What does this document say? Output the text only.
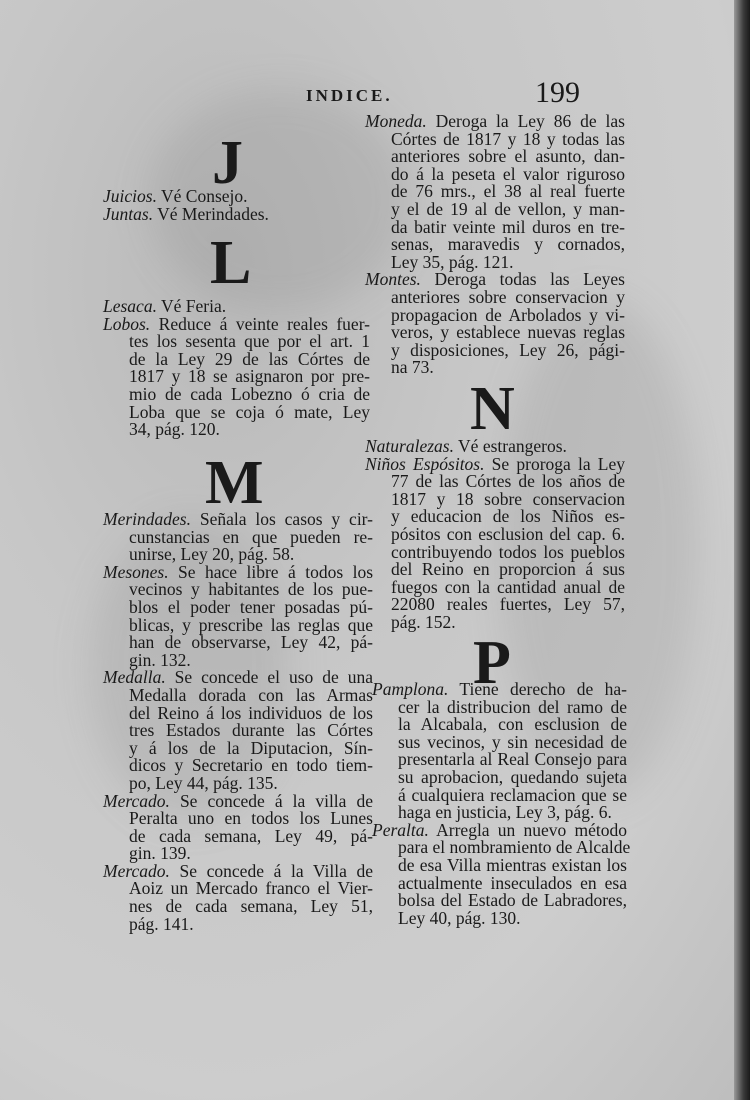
INDICE.	199
J
Juicios. Vé Consejo.
Juntas. Vé Merindades.
L
Lesaca. Vé Feria.
Lobos. Reduce á veinte reales fuer-
tes los sesenta que por el art. 1
de la Ley 29 de las Córtes de
1817 y 18 se asignaron por pre-
mio de cada Lobezno ó cria de
Loba que se coja ó mate, Ley
34, pág. 120.
M
Merindades. Señala los casos y cir-
cunstancias en que pueden re-
unirse, Ley 20, pág. 58.
Mesones. Se hace libre á todos los
vecinos y habitantes de los pue-
blos el poder tener posadas pú-
blicas, y prescribe las reglas que
han de observarse, Ley 42, pá-
gin. 132.
Medalla. Se concede el uso de una
Medalla dorada con las Armas
del Reino á los individuos de los
tres Estados durante las Córtes
y á los de la Diputacion, Sín-
dicos y Secretario en todo tiem-
po, Ley 44, pág. 135.
Mercado. Se concede á la villa de
Peralta uno en todos los Lunes
de cada semana, Ley 49, pá-
gin. 139.
Mercado. Se concede á la Villa de
Aoiz un Mercado franco el Vier-
nes de cada semana, Ley 51,
pág. 141.
Moneda. Deroga la Ley 86 de las
Córtes de 1817 y 18 y todas las
anteriores sobre el asunto, dan-
do á la peseta el valor riguroso
de 76 mrs., el 38 al real fuerte
y el de 19 al de vellon, y man-
da batir veinte mil duros en tre-
senas, maravedis y cornados,
Ley 35, pág. 121.
Montes. Deroga todas las Leyes
anteriores sobre conservacion y
propagacion de Arbolados y vi-
veros, y establece nuevas reglas
y disposiciones, Ley 26, pági-
na 73.
N
Naturalezas. Vé estrangeros.
Niños Espósitos. Se proroga la Ley
77 de las Córtes de los años de
1817 y 18 sobre conservacion
y educacion de los Niños es-
pósitos con esclusion del cap. 6.
contribuyendo todos los pueblos
del Reino en proporcion á sus
fuegos con la cantidad anual de
22080 reales fuertes, Ley 57,
pág. 152.
P
Pamplona. Tiene derecho de ha-
cer la distribucion del ramo de
la Alcabala, con esclusion de
sus vecinos, y sin necesidad de
presentarla al Real Consejo para
su aprobacion, quedando sujeta
á cualquiera reclamacion que se
haga en justicia, Ley 3, pág. 6.
Peralta. Arregla un nuevo método
para el nombramiento de Alcalde
de esa Villa mientras existan los
actualmente inseculados en esa
bolsa del Estado de Labradores,
Ley 40, pág. 130.
